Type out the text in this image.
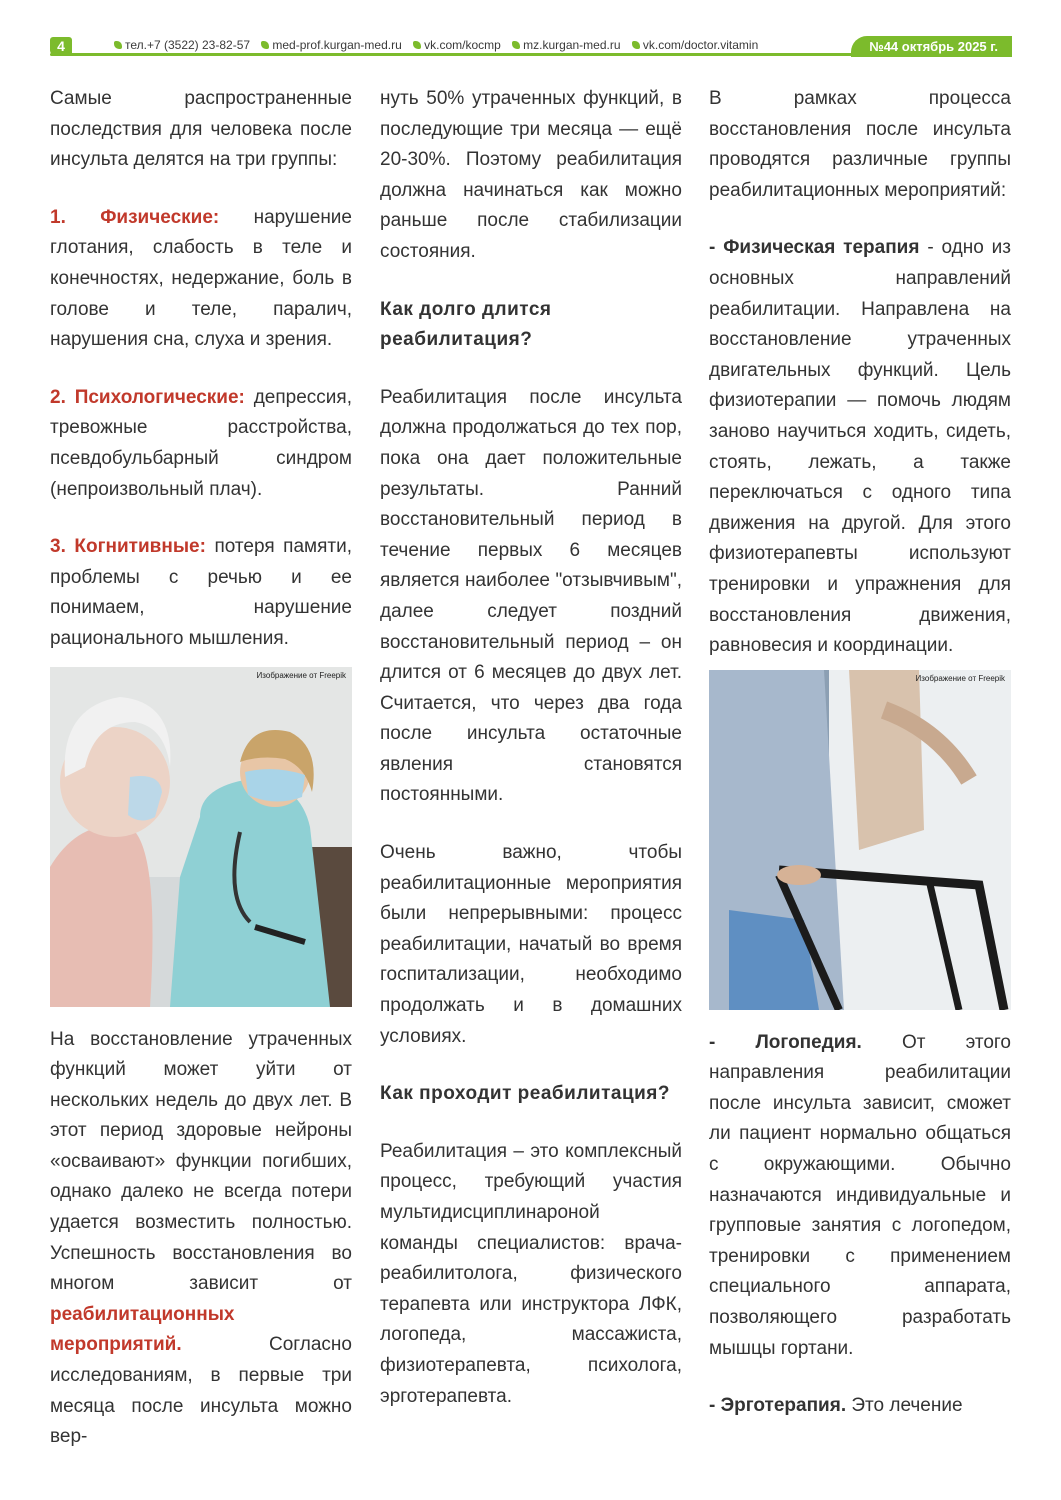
4	тел.+7 (3522) 23-82-57 med-prof.kurgan-med.ru vk.com/kocmp mz.kurgan-med.ru vk.com/doctor.vitamin	№44 октябрь 2025 г.

Самые распространенные последствия для человека после инсульта делятся на три группы:

1. Физические: нарушение глотания, слабость в теле и конечностях, недержание, боль в голове и теле, паралич, нарушения сна, слуха и зрения.

2. Психологические: депрессия, тревожные расстройства, псевдобульбарный синдром (непроизвольный плач).

3. Когнитивные: потеря памяти, проблемы с речью и ее понимаем, нарушение рационального мышления.

Изображение от Freepik

На восстановление утраченных функций может уйти от нескольких недель до двух лет. В этот период здоровые нейроны «осваивают» функции погибших, однако далеко не всегда потери удается возместить полностью. Успешность восстановления во многом зависит от реабилитационных мероприятий. Согласно исследованиям, в первые три месяца после инсульта можно вер-

нуть 50% утраченных функций, в последующие три месяца — ещё 20-30%. Поэтому реабилитация должна начинаться как можно раньше после стабилизации состояния.

Как долго длится реабилитация?

Реабилитация после инсульта должна продолжаться до тех пор, пока она дает положительные результаты. Ранний восстановительный период в течение первых 6 месяцев является наиболее "отзывчивым", далее следует поздний восстановительный период – он длится от 6 месяцев до двух лет. Считается, что через два года после инсульта остаточные явления становятся постоянными.

Очень важно, чтобы реабилитационные мероприятия были непрерывными: процесс реабилитации, начатый во время госпитализации, необходимо продолжать и в домашних условиях.

Как проходит реабилитация?

Реабилитация – это комплексный процесс, требующий участия мультидисциплинароной команды специалистов: врача-реабилитолога, физического терапевта или инструктора ЛФК, логопеда, массажиста, физиотерапевта, психолога, эрготерапевта.

В рамках процесса восстановления после инсульта проводятся различные группы реабилитационных мероприятий:

- Физическая терапия - одно из основных направлений реабилитации. Направлена на восстановление утраченных двигательных функций. Цель физиотерапии — помочь людям заново научиться ходить, сидеть, стоять, лежать, а также переключаться с одного типа движения на другой. Для этого физиотерапевты используют тренировки и упражнения для восстановления движения, равновесия и координации.

Изображение от Freepik

- Логопедия. От этого направления реабилитации после инсульта зависит, сможет ли пациент нормально общаться с окружающими. Обычно назначаются индивидуальные и групповые занятия с логопедом, тренировки с применением специального аппарата, позволяющего разработать мышцы гортани.

- Эрготерапия. Это лечение
